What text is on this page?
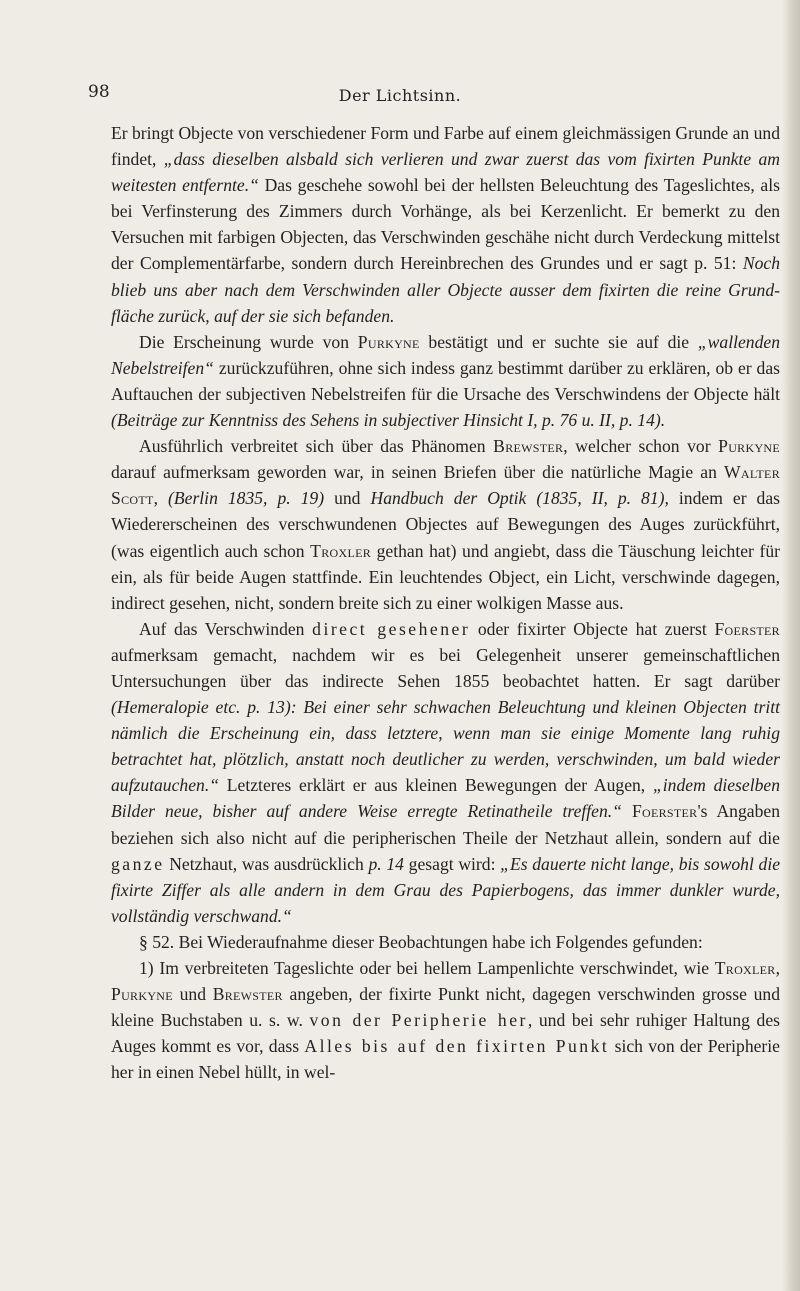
98	Der Lichtsinn.

Er bringt Objecte von verschiedener Form und Farbe auf einem gleichmässigen Grunde an und findet, „dass dieselben alsbald sich verlieren und zwar zuerst das vom fixirten Punkte am weitesten entfernte.“ Das geschehe sowohl bei der hellsten Beleuchtung des Tageslichtes, als bei Verfinsterung des Zimmers durch Vorhänge, als bei Kerzenlicht. Er bemerkt zu den Versuchen mit farbigen Objecten, das Verschwinden geschähe nicht durch Verdeckung mittelst der Complementärfarbe, sondern durch Hereinbrechen des Grundes und er sagt p. 51: Noch blieb uns aber nach dem Verschwinden aller Objecte ausser dem fixirten die reine Grund-fläche zurück, auf der sie sich befanden.

Die Erscheinung wurde von Purkyne bestätigt und er suchte sie auf die „wallenden Nebelstreifen“ zurückzuführen, ohne sich indess ganz bestimmt darüber zu erklären, ob er das Auftauchen der subjectiven Nebelstreifen für die Ursache des Verschwindens der Objecte hält (Beiträge zur Kenntniss des Sehens in subjectiver Hinsicht I, p. 76 u. II, p. 14).

Ausführlich verbreitet sich über das Phänomen Brewster, welcher schon vor Purkyne darauf aufmerksam geworden war, in seinen Briefen über die natürliche Magie an Walter Scott, (Berlin 1835, p. 19) und Handbuch der Optik (1835, II, p. 81), indem er das Wiedererscheinen des verschwundenen Objectes auf Bewegungen des Auges zurückführt, (was eigentlich auch schon Troxler gethan hat) und angiebt, dass die Täuschung leichter für ein, als für beide Augen stattfinde. Ein leuchtendes Object, ein Licht, verschwinde dagegen, indirect gesehen, nicht, sondern breite sich zu einer wolkigen Masse aus.

Auf das Verschwinden direct gesehener oder fixirter Objecte hat zuerst Foerster aufmerksam gemacht, nachdem wir es bei Gelegenheit unserer gemeinschaftlichen Untersuchungen über das indirecte Sehen 1855 beobachtet hatten. Er sagt darüber (Hemeralopie etc. p. 13): Bei einer sehr schwachen Beleuchtung und kleinen Objecten tritt nämlich die Erscheinung ein, dass letztere, wenn man sie einige Momente lang ruhig betrachtet hat, plötzlich, anstatt noch deutlicher zu werden, verschwinden, um bald wieder aufzutauchen.“ Letzteres erklärt er aus kleinen Bewegungen der Augen, „indem dieselben Bilder neue, bisher auf andere Weise erregte Retinatheile treffen.“ Foerster's Angaben beziehen sich also nicht auf die peripherischen Theile der Netzhaut allein, sondern auf die ganze Netzhaut, was ausdrücklich p. 14 gesagt wird: „Es dauerte nicht lange, bis sowohl die fixirte Ziffer als alle andern in dem Grau des Papierbogens, das immer dunkler wurde, vollständig verschwand.“

§ 52. Bei Wiederaufnahme dieser Beobachtungen habe ich Folgendes gefunden:

1) Im verbreiteten Tageslichte oder bei hellem Lampenlichte verschwindet, wie Troxler, Purkyne und Brewster angeben, der fixirte Punkt nicht, dagegen verschwinden grosse und kleine Buchstaben u. s. w. von der Peripherie her, und bei sehr ruhiger Haltung des Auges kommt es vor, dass Alles bis auf den fixirten Punkt sich von der Peripherie her in einen Nebel hüllt, in wel-
